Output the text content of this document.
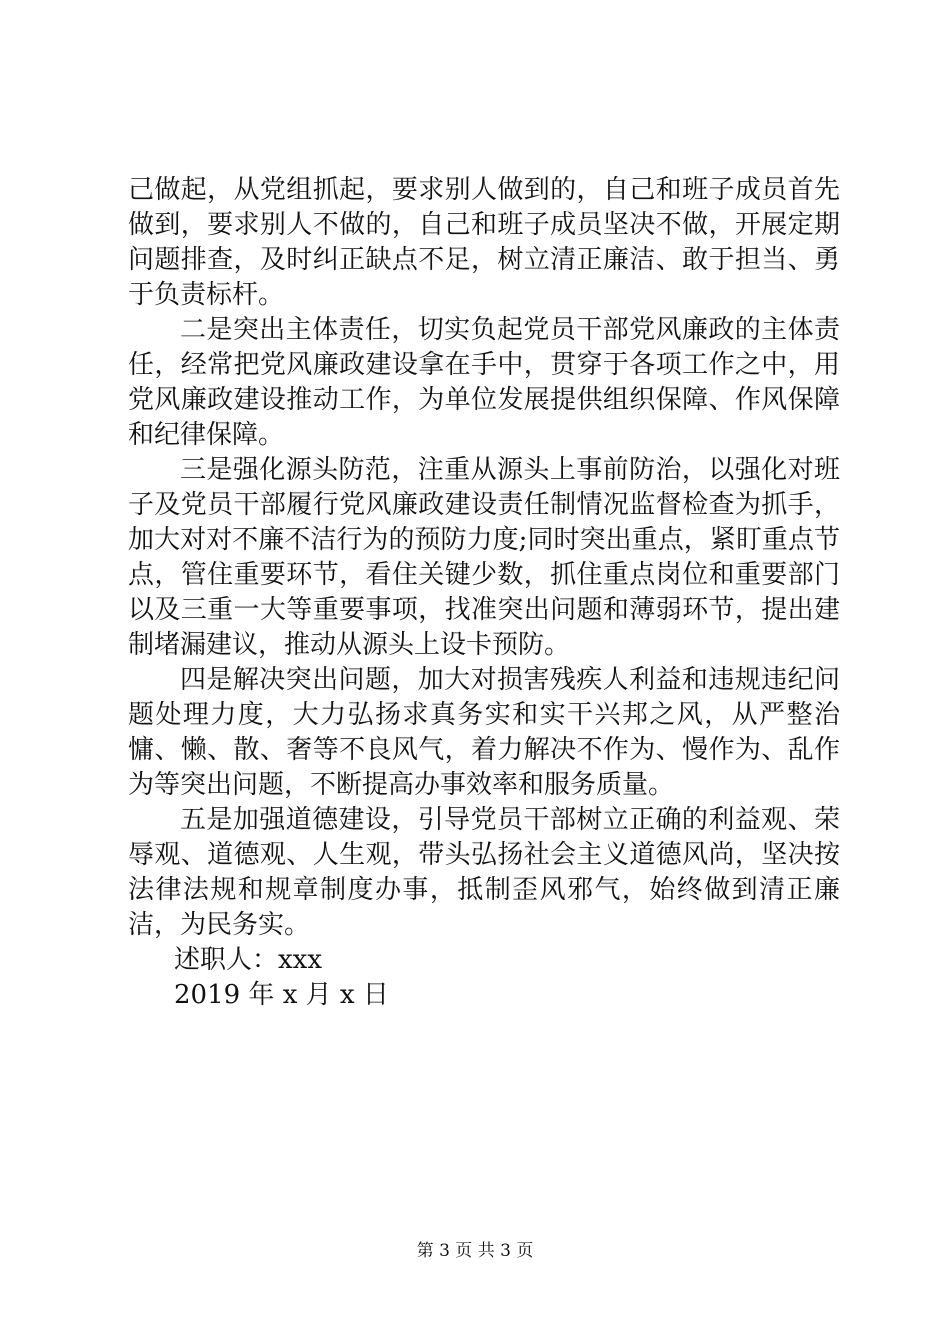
己做起，从党组抓起，要求别人做到的，自己和班子成员首先做到，要求别人不做的，自己和班子成员坚决不做，开展定期问题排查，及时纠正缺点不足，树立清正廉洁、敢于担当、勇于负责标杆。

二是突出主体责任，切实负起党员干部党风廉政的主体责任，经常把党风廉政建设拿在手中，贯穿于各项工作之中，用党风廉政建设推动工作，为单位发展提供组织保障、作风保障和纪律保障。

三是强化源头防范，注重从源头上事前防治，以强化对班子及党员干部履行党风廉政建设责任制情况监督检查为抓手，加大对对不廉不洁行为的预防力度;同时突出重点，紧盯重点节点，管住重要环节，看住关键少数，抓住重点岗位和重要部门以及三重一大等重要事项，找准突出问题和薄弱环节，提出建制堵漏建议，推动从源头上设卡预防。

四是解决突出问题，加大对损害残疾人利益和违规违纪问题处理力度，大力弘扬求真务实和实干兴邦之风，从严整治慵、懒、散、奢等不良风气，着力解决不作为、慢作为、乱作为等突出问题，不断提高办事效率和服务质量。

五是加强道德建设，引导党员干部树立正确的利益观、荣辱观、道德观、人生观，带头弘扬社会主义道德风尚，坚决按法律法规和规章制度办事，抵制歪风邪气，始终做到清正廉洁，为民务实。

述职人：xxx

2019 年 x 月 x 日

第 3 页 共 3 页
